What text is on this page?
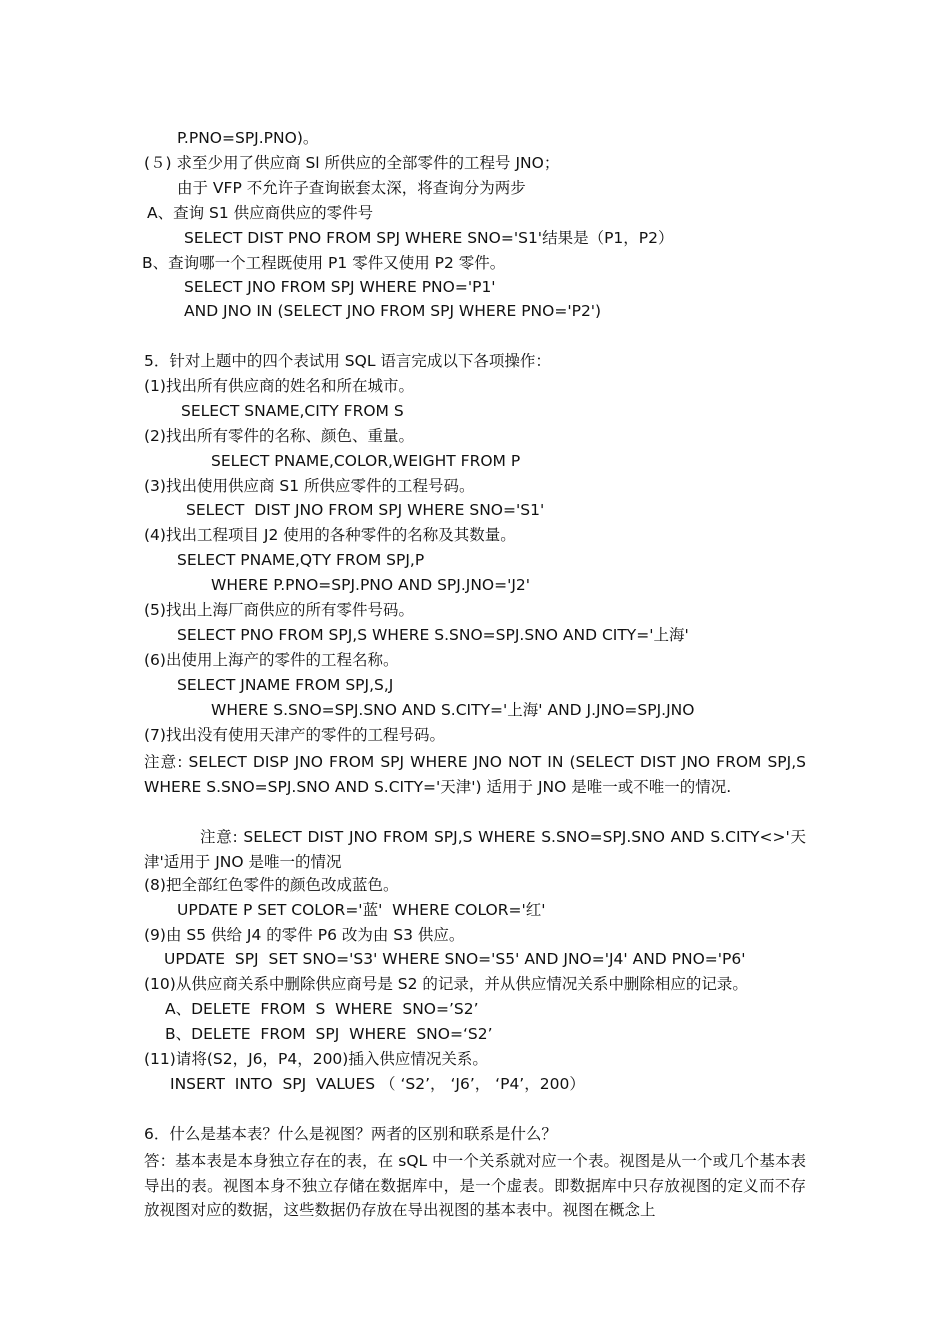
P.PNO=SPJ.PNO)。
(５) 求至少用了供应商 Sl 所供应的全部零件的工程号 JNO；
由于 VFP 不允许子查询嵌套太深，将查询分为两步
A、查询 S1 供应商供应的零件号
SELECT DIST PNO FROM SPJ WHERE SNO='S1'结果是（P1，P2）
B、查询哪一个工程既使用 P1 零件又使用 P2 零件。
SELECT JNO FROM SPJ WHERE PNO='P1'
AND JNO IN (SELECT JNO FROM SPJ WHERE PNO='P2')
5．针对上题中的四个表试用 SQL 语言完成以下各项操作：
(1)找出所有供应商的姓名和所在城市。
SELECT SNAME,CITY FROM S
(2)找出所有零件的名称、颜色、重量。
SELECT PNAME,COLOR,WEIGHT FROM P
(3)找出使用供应商 S1 所供应零件的工程号码。
SELECT  DIST JNO FROM SPJ WHERE SNO='S1'
(4)找出工程项目 J2 使用的各种零件的名称及其数量。
SELECT PNAME,QTY FROM SPJ,P
WHERE P.PNO=SPJ.PNO AND SPJ.JNO='J2'
(5)找出上海厂商供应的所有零件号码。
SELECT PNO FROM SPJ,S WHERE S.SNO=SPJ.SNO AND CITY='上海'
(6)出使用上海产的零件的工程名称。
SELECT JNAME FROM SPJ,S,J
WHERE S.SNO=SPJ.SNO AND S.CITY='上海' AND J.JNO=SPJ.JNO
(7)找出没有使用天津产的零件的工程号码。
注意: SELECT DISP JNO FROM SPJ WHERE JNO NOT IN (SELECT DIST JNO FROM SPJ,S WHERE S.SNO=SPJ.SNO AND S.CITY='天津') 适用于 JNO 是唯一或不唯一的情况.
注意: SELECT DIST JNO FROM SPJ,S WHERE S.SNO=SPJ.SNO AND S.CITY<>'天津'适用于 JNO 是唯一的情况
(8)把全部红色零件的颜色改成蓝色。
UPDATE P SET COLOR='蓝'  WHERE COLOR='红'
(9)由 S5 供给 J4 的零件 P6 改为由 S3 供应。
UPDATE  SPJ  SET SNO='S3' WHERE SNO='S5' AND JNO='J4' AND PNO='P6'
(10)从供应商关系中删除供应商号是 S2 的记录，并从供应情况关系中删除相应的记录。
A、DELETE  FROM  S  WHERE  SNO=’S2’
B、DELETE  FROM  SPJ  WHERE  SNO=‘S2’
(11)请将(S2，J6，P4，200)插入供应情况关系。
INSERT  INTO  SPJ  VALUES （ ‘S2’， ‘J6’， ‘P4’，200）
6．什么是基本表？什么是视图？两者的区别和联系是什么？
答：基本表是本身独立存在的表，在 sQL 中一个关系就对应一个表。视图是从一个或几个基本表导出的表。视图本身不独立存储在数据库中，是一个虚表。即数据库中只存放视图的定义而不存放视图对应的数据，这些数据仍存放在导出视图的基本表中。视图在概念上
